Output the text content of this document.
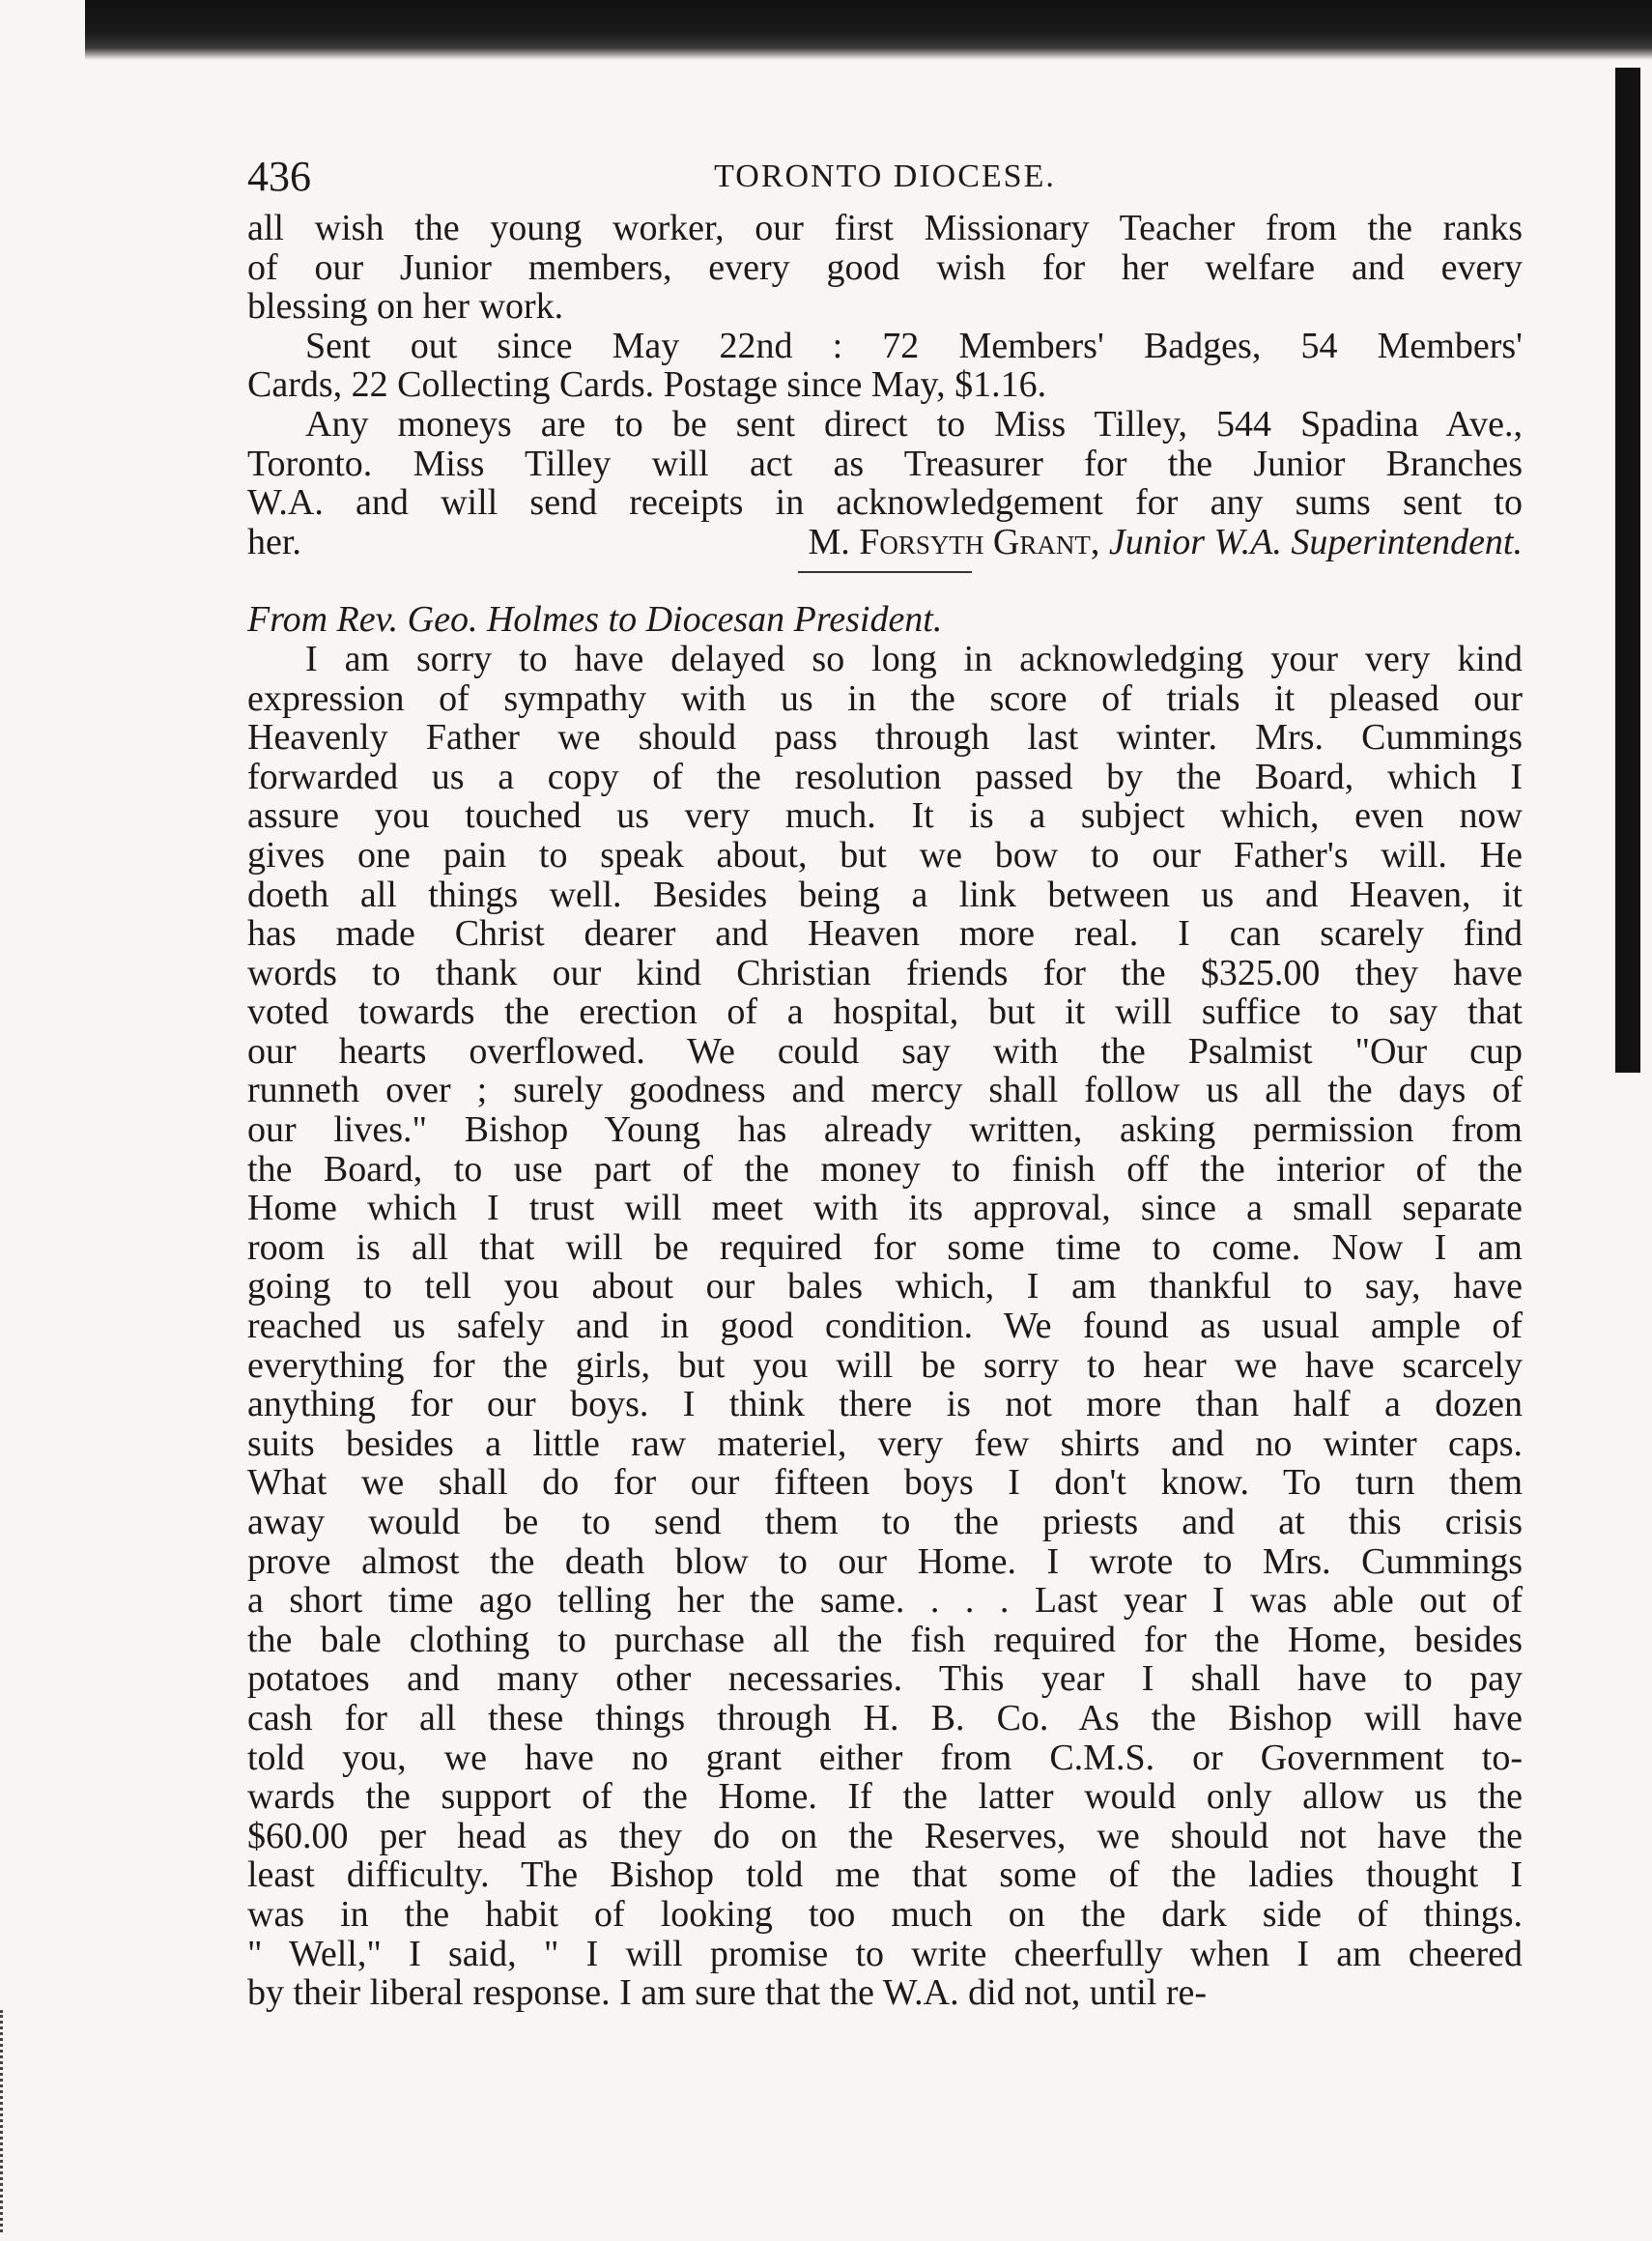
436	TORONTO DIOCESE.
all wish the young worker, our first Missionary Teacher from the ranks
of our Junior members, every good wish for her welfare and every
blessing on her work.
Sent out since May 22nd : 72 Members' Badges, 54 Members'
Cards, 22 Collecting Cards. Postage since May, $1.16.
Any moneys are to be sent direct to Miss Tilley, 544 Spadina Ave.,
Toronto. Miss Tilley will act as Treasurer for the Junior Branches
W.A. and will send receipts in acknowledgement for any sums sent to
her.	M. Forsyth Grant, Junior W.A. Superintendent.
From Rev. Geo. Holmes to Diocesan President.
I am sorry to have delayed so long in acknowledging your very kind
expression of sympathy with us in the score of trials it pleased our
Heavenly Father we should pass through last winter. Mrs. Cummings
forwarded us a copy of the resolution passed by the Board, which I
assure you touched us very much. It is a subject which, even now
gives one pain to speak about, but we bow to our Father's will. He
doeth all things well. Besides being a link between us and Heaven, it
has made Christ dearer and Heaven more real. I can scarely find
words to thank our kind Christian friends for the $325.00 they have
voted towards the erection of a hospital, but it will suffice to say that
our hearts overflowed. We could say with the Psalmist "Our cup
runneth over ; surely goodness and mercy shall follow us all the days of
our lives." Bishop Young has already written, asking permission from
the Board, to use part of the money to finish off the interior of the
Home which I trust will meet with its approval, since a small separate
room is all that will be required for some time to come. Now I am
going to tell you about our bales which, I am thankful to say, have
reached us safely and in good condition. We found as usual ample of
everything for the girls, but you will be sorry to hear we have scarcely
anything for our boys. I think there is not more than half a dozen
suits besides a little raw materiel, very few shirts and no winter caps.
What we shall do for our fifteen boys I don't know. To turn them
away would be to send them to the priests and at this crisis
prove almost the death blow to our Home. I wrote to Mrs. Cummings
a short time ago telling her the same. . . . Last year I was able out of
the bale clothing to purchase all the fish required for the Home, besides
potatoes and many other necessaries. This year I shall have to pay
cash for all these things through H. B. Co. As the Bishop will have
told you, we have no grant either from C.M.S. or Government to-
wards the support of the Home. If the latter would only allow us the
$60.00 per head as they do on the Reserves, we should not have the
least difficulty. The Bishop told me that some of the ladies thought I
was in the habit of looking too much on the dark side of things.
" Well," I said, " I will promise to write cheerfully when I am cheered
by their liberal response. I am sure that the W.A. did not, until re-
